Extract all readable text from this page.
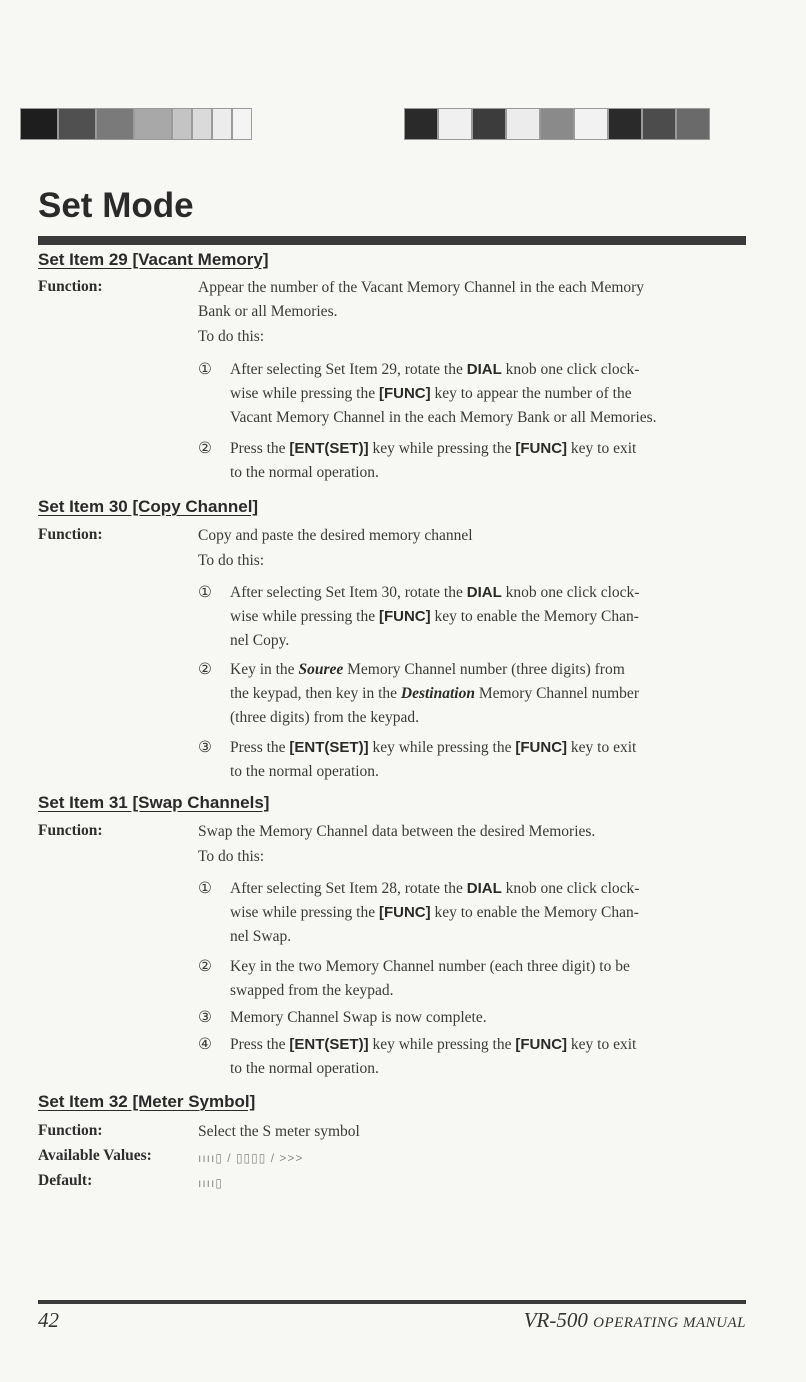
Set Mode
Set Item 29 [Vacant Memory]
Function:	Appear the number of the Vacant Memory Channel in the each Memory
Bank or all Memories.
To do this:
①	After selecting Set Item 29, rotate the DIAL knob one click clock-
wise while pressing the [FUNC] key to appear the number of the
Vacant Memory Channel in the each Memory Bank or all Memories.
②	Press the [ENT(SET)] key while pressing the [FUNC] key to exit
to the normal operation.
Set Item 30 [Copy Channel]
Function:	Copy and paste the desired memory channel
To do this:
①	After selecting Set Item 30, rotate the DIAL knob one click clock-
wise while pressing the [FUNC] key to enable the Memory Chan-
nel Copy.
②	Key in the Souree Memory Channel number (three digits) from
the keypad, then key in the Destination Memory Channel number
(three digits) from the keypad.
③	Press the [ENT(SET)] key while pressing the [FUNC] key to exit
to the normal operation.
Set Item 31 [Swap Channels]
Function:	Swap the Memory Channel data between the desired Memories.
To do this:
①	After selecting Set Item 28, rotate the DIAL knob one click clock-
wise while pressing the [FUNC] key to enable the Memory Chan-
nel Swap.
②	Key in the two Memory Channel number (each three digit) to be
swapped from the keypad.
③	Memory Channel Swap is now complete.
④	Press the [ENT(SET)] key while pressing the [FUNC] key to exit
to the normal operation.
Set Item 32 [Meter Symbol]
Function:	Select the S meter symbol
Available Values:	ıııı▯ / ▯▯▯▯ / >>>
Default:	ıııı▯
42	VR-500 OPERATING MANUAL
